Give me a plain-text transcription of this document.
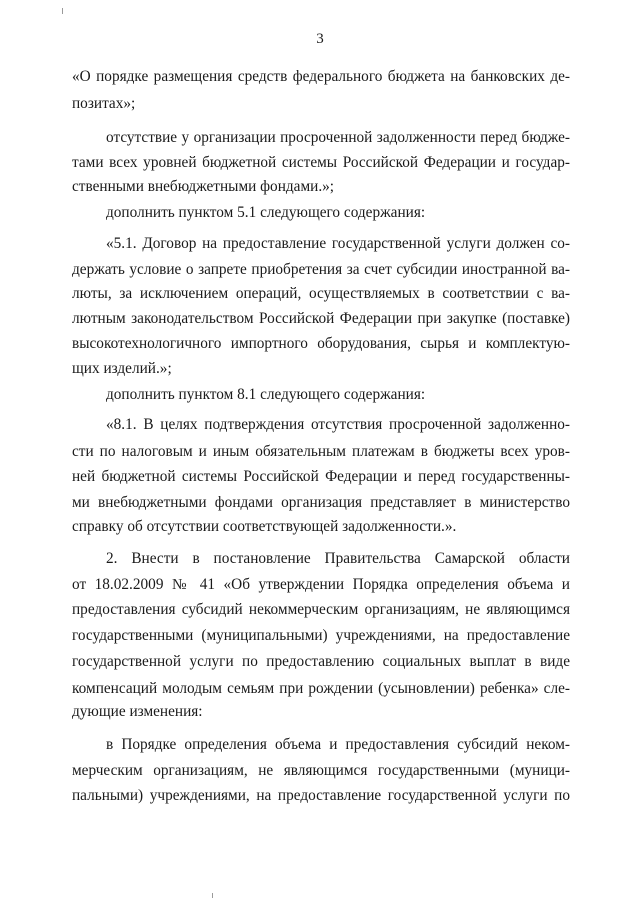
3
«О порядке размещения средств федерального бюджета на банковских де-
позитах»;
отсутствие у организации просроченной задолженности перед бюдже-
тами всех уровней бюджетной системы Российской Федерации и государ-
ственными внебюджетными фондами.»;
дополнить пунктом 5.1 следующего содержания:
«5.1. Договор на предоставление государственной услуги должен со-
держать условие о запрете приобретения за счет субсидии иностранной ва-
люты, за исключением операций, осуществляемых в соответствии с ва-
лютным законодательством Российской Федерации при закупке (поставке)
высокотехнологичного импортного оборудования, сырья и комплектую-
щих изделий.»;
дополнить пунктом 8.1 следующего содержания:
«8.1. В целях подтверждения отсутствия просроченной задолженно-
сти по налоговым и иным обязательным платежам в бюджеты всех уров-
ней бюджетной системы Российской Федерации и перед государственны-
ми внебюджетными фондами организация представляет в министерство
справку об отсутствии соответствующей задолженности.».
2. Внести в постановление Правительства Самарской области
от 18.02.2009 № 41 «Об утверждении Порядка определения объема и
предоставления субсидий некоммерческим организациям, не являющимся
государственными (муниципальными) учреждениями, на предоставление
государственной услуги по предоставлению социальных выплат в виде
компенсаций молодым семьям при рождении (усыновлении) ребенка» сле-
дующие изменения:
в Порядке определения объема и предоставления субсидий неком-
мерческим организациям, не являющимся государственными (муници-
пальными) учреждениями, на предоставление государственной услуги по
